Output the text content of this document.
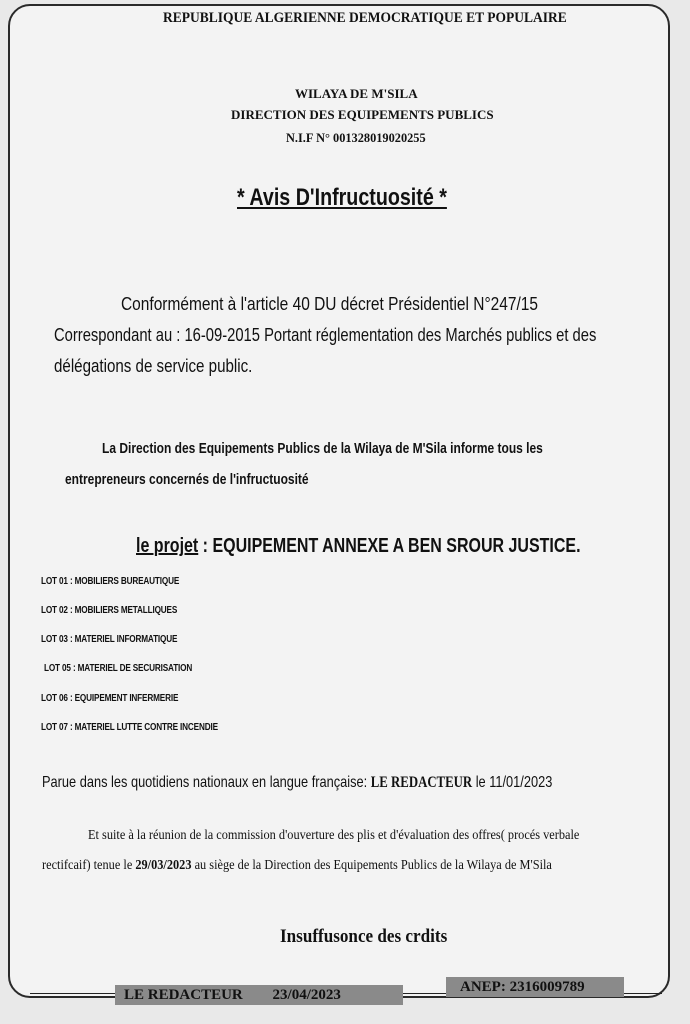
REPUBLIQUE ALGERIENNE DEMOCRATIQUE ET POPULAIRE
WILAYA DE M'SILA
DIRECTION DES EQUIPEMENTS PUBLICS
N.I.F N° 001328019020255
* Avis D'Infructuosité *
Conformément à l'article 40 DU décret Présidentiel N°247/15
Correspondant au : 16-09-2015 Portant réglementation des Marchés publics et des
délégations de service public.
La Direction des Equipements Publics de la Wilaya de M'Sila informe tous les
entrepreneurs concernés de l'infructuosité
le projet : EQUIPEMENT ANNEXE A BEN SROUR JUSTICE.
LOT 01 : MOBILIERS BUREAUTIQUE
LOT 02 : MOBILIERS METALLIQUES
LOT 03 : MATERIEL INFORMATIQUE
LOT 05 : MATERIEL DE SECURISATION
LOT 06 : EQUIPEMENT INFERMERIE
LOT 07 : MATERIEL LUTTE CONTRE INCENDIE
Parue dans les quotidiens nationaux en langue française: LE REDACTEUR le 11/01/2023
Et suite à la réunion de la commission d'ouverture des plis et d'évaluation des offres( procés verbale
rectifcaif) tenue le 29/03/2023 au siège de la Direction des Equipements Publics de la Wilaya de M'Sila
Insuffusonce des crdits
LE REDACTEUR 23/04/2023	ANEP: 2316009789
